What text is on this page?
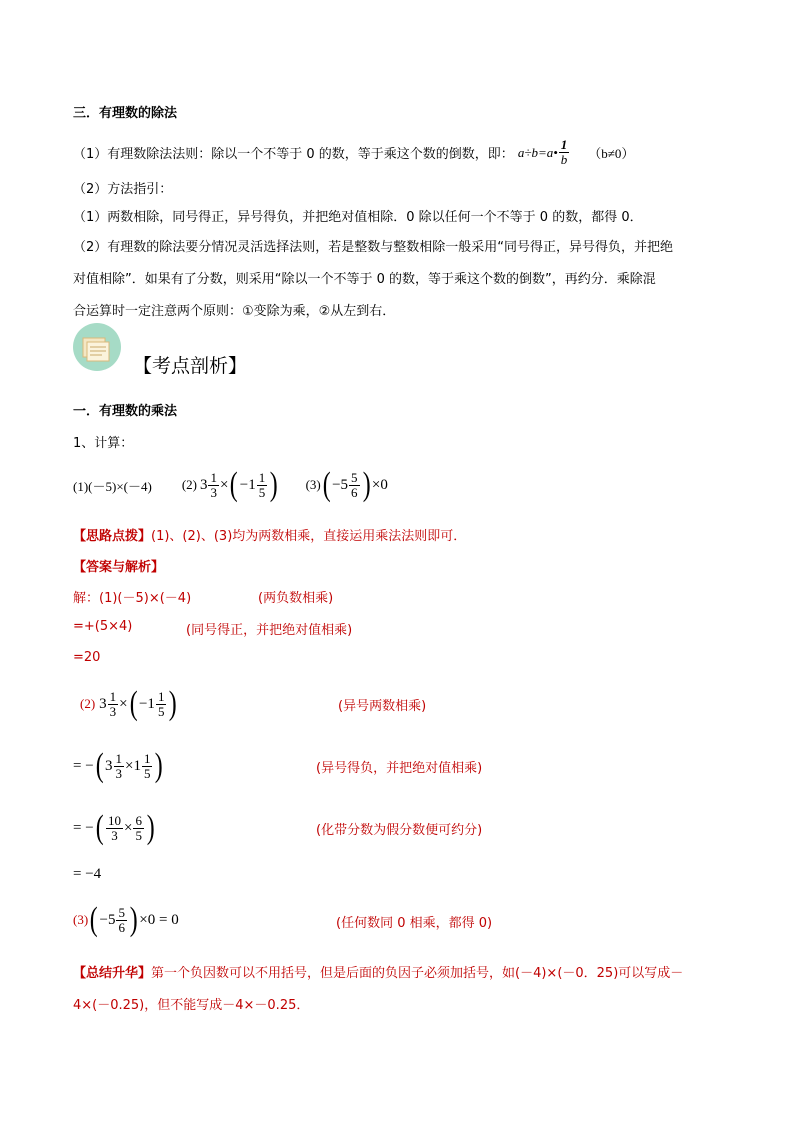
三．有理数的除法
（1）有理数除法法则：除以一个不等于 0 的数，等于乘这个数的倒数，即： a÷b=a• $\frac{1}{b} (b\ne 0)$
（2）方法指引：
（1）两数相除，同号得正，异号得负，并把绝对值相除．0 除以任何一个不等于 0 的数，都得 0．
（2）有理数的除法要分情况灵活选择法则，若是整数与整数相除一般采用“同号得正，异号得负，并把绝
对值相除”．如果有了分数，则采用“除以一个不等于 0 的数，等于乘这个数的倒数”，再约分．乘除混
合运算时一定注意两个原则：①变除为乘，②从左到右．
【考点剖析】
一．有理数的乘法
1、计算：
(1)(－5)×(－4) (2) $3 \frac{1}{3}$ × ( $-1 \frac{1}{5}$ ) (3) ( $-5 \frac{5}{6}$ ) ×0
【思路点拨】(1)、(2)、(3)均为两数相乘，直接运用乘法法则即可．
【答案与解析】
解：(1)(－5)×(－4)	(两负数相乘)
=+(5×4)	(同号得正，并把绝对值相乘)
=20
(2) $3 \frac{1}{3}$ × ( $-1 \frac{1}{5}$ )	(异号两数相乘)
= − ( $3 \frac{1}{3} \times 1 \frac{1}{5}$ )	(异号得负，并把绝对值相乘)
= − ( $\frac{10}{3} \times \frac{6}{5}$ )	(化带分数为假分数便可约分)
= −4
(3) ( $-5 \frac{5}{6}$ ) ×0 = 0	(任何数同 0 相乘，都得 0)
【总结升华】第一个负因数可以不用括号，但是后面的负因子必须加括号，如(－4)×(－0．25)可以写成－
4×(－0.25)，但不能写成－4×－0.25．
